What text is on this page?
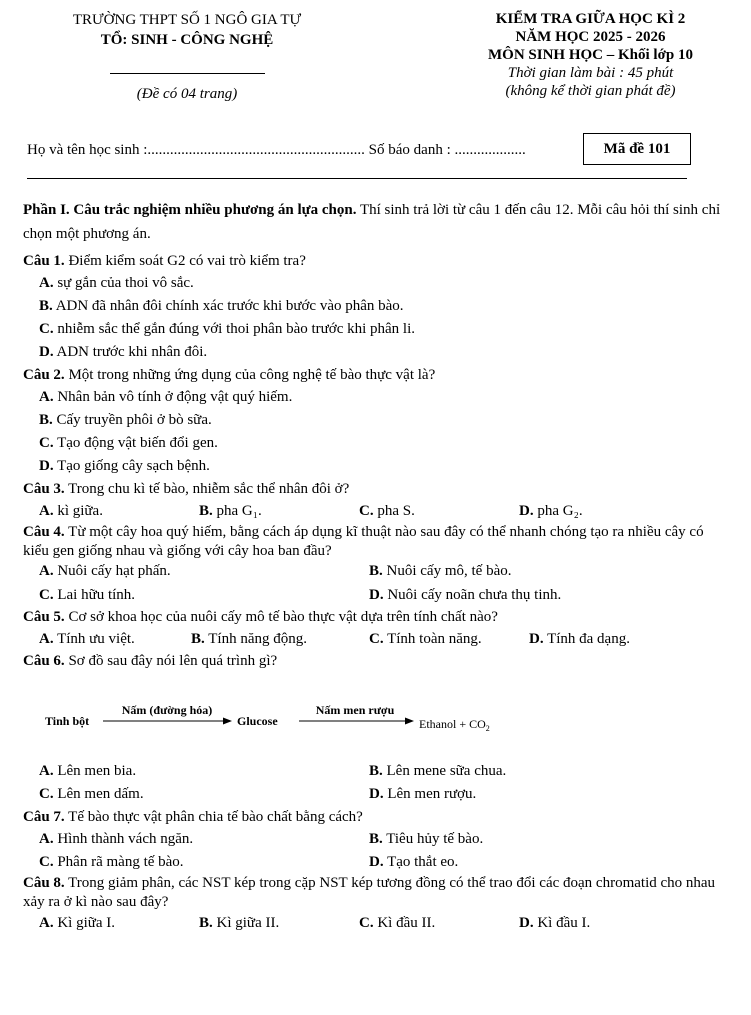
TRƯỜNG THPT SỐ 1 NGÔ GIA TỰ
TỔ: SINH - CÔNG NGHỆ
(Đề có 04 trang)
KIỂM TRA GIỮA HỌC KÌ 2
NĂM HỌC 2025 - 2026
MÔN SINH HỌC – Khối lớp 10
Thời gian làm bài : 45 phút
(không kể thời gian phát đề)
Họ và tên học sinh :.......................................................... Số báo danh : ...................	Mã đề 101
Phần I. Câu trắc nghiệm nhiều phương án lựa chọn. Thí sinh trả lời từ câu 1 đến câu 12. Mỗi câu hỏi thí sinh chỉ chọn một phương án.
Câu 1. Điểm kiểm soát G2 có vai trò kiểm tra?
A. sự gắn của thoi vô sắc.
B. ADN đã nhân đôi chính xác trước khi bước vào phân bào.
C. nhiễm sắc thể gắn đúng với thoi phân bào trước khi phân li.
D. ADN trước khi nhân đôi.
Câu 2. Một trong những ứng dụng của công nghệ tế bào thực vật là?
A. Nhân bản vô tính ở động vật quý hiếm.
B. Cấy truyền phôi ở bò sữa.
C. Tạo động vật biến đổi gen.
D. Tạo giống cây sạch bệnh.
Câu 3. Trong chu kì tế bào, nhiễm sắc thể nhân đôi ở?
A. kì giữa.	B. pha G₁.	C. pha S.	D. pha G₂.
Câu 4. Từ một cây hoa quý hiếm, bằng cách áp dụng kĩ thuật nào sau đây có thể nhanh chóng tạo ra nhiều cây có kiểu gen giống nhau và giống với cây hoa ban đầu?
A. Nuôi cấy hạt phấn.	B. Nuôi cấy mô, tế bào.
C. Lai hữu tính.	D. Nuôi cấy noãn chưa thụ tinh.
Câu 5. Cơ sở khoa học của nuôi cấy mô tế bào thực vật dựa trên tính chất nào?
A. Tính ưu việt.	B. Tính năng động.	C. Tính toàn năng.	D. Tính đa dạng.
Câu 6. Sơ đồ sau đây nói lên quá trình gì?
Tinh bột
Nấm (đường hóa)
Glucose
Nấm men rượu
Ethanol + $CO_2$
A. Lên men bia.	B. Lên mene sữa chua.
C. Lên men dấm.	D. Lên men rượu.
Câu 7. Tế bào thực vật phân chia tế bào chất bằng cách?
A. Hình thành vách ngăn.	B. Tiêu hủy tế bào.
C. Phân rã màng tế bào.	D. Tạo thắt eo.
Câu 8. Trong giảm phân, các NST kép trong cặp NST kép tương đồng có thể trao đổi các đoạn chromatid cho nhau xảy ra ở kì nào sau đây?
A. Kì giữa I.	B. Kì giữa II.	C. Kì đầu II.	D. Kì đầu I.
